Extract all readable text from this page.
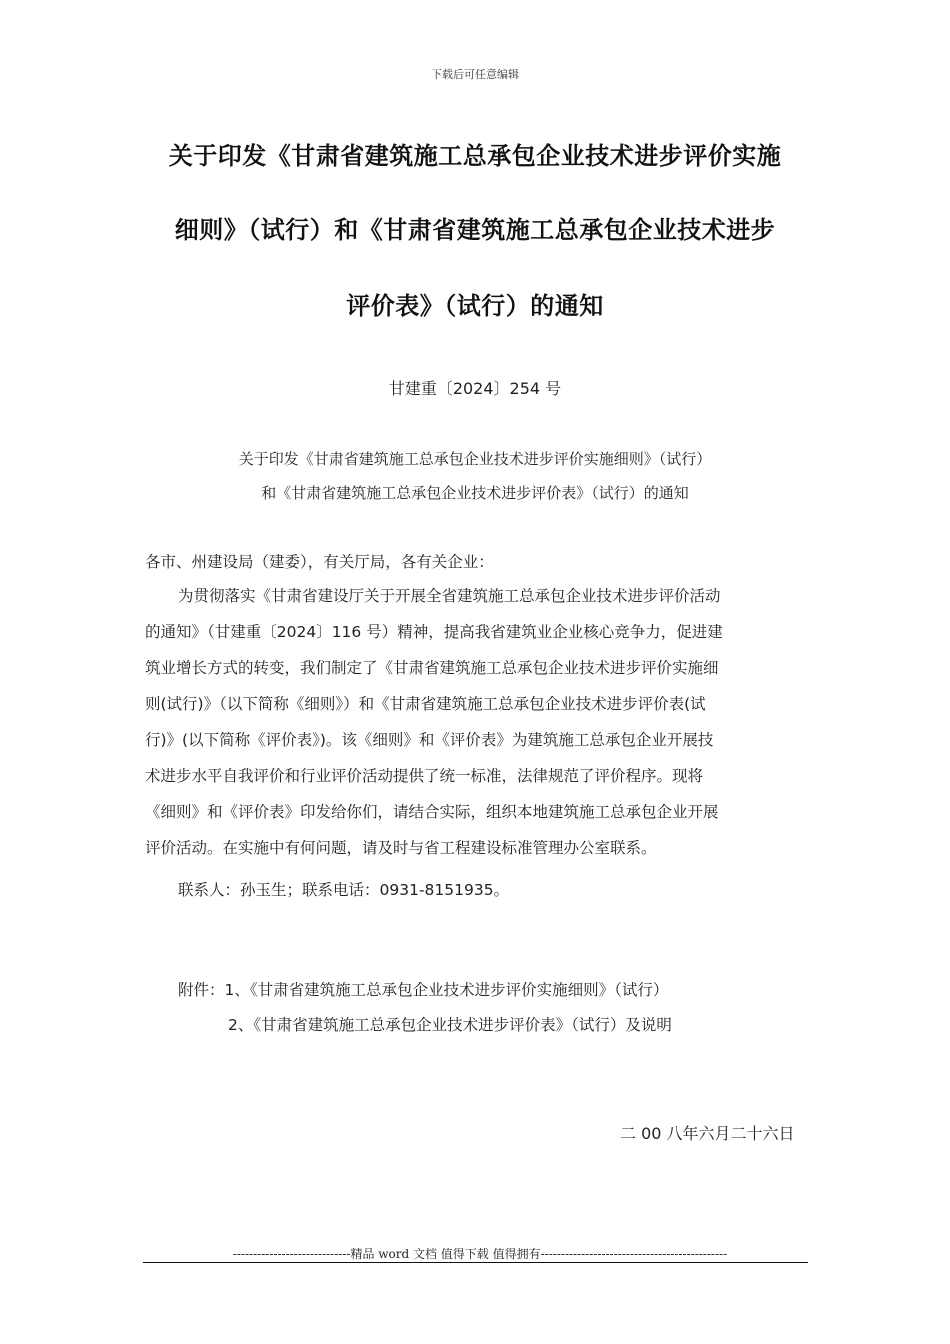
下载后可任意编辑
关于印发《甘肃省建筑施工总承包企业技术进步评价实施
细则》（试行）和《甘肃省建筑施工总承包企业技术进步
评价表》（试行）的通知
甘建重〔2024〕254 号
关于印发《甘肃省建筑施工总承包企业技术进步评价实施细则》（试行）
和《甘肃省建筑施工总承包企业技术进步评价表》（试行）的通知
各市、州建设局（建委），有关厅局，各有关企业：
为贯彻落实《甘肃省建设厅关于开展全省建筑施工总承包企业技术进步评价活动
的通知》（甘建重〔2024〕116 号）精神，提高我省建筑业企业核心竞争力，促进建
筑业增长方式的转变，我们制定了《甘肃省建筑施工总承包企业技术进步评价实施细
则(试行)》（以下简称《细则》）和《甘肃省建筑施工总承包企业技术进步评价表(试
行)》(以下简称《评价表》)。该《细则》和《评价表》为建筑施工总承包企业开展技
术进步水平自我评价和行业评价活动提供了统一标准，法律规范了评价程序。现将
《细则》和《评价表》印发给你们，请结合实际，组织本地建筑施工总承包企业开展
评价活动。在实施中有何问题，请及时与省工程建设标准管理办公室联系。
联系人：孙玉生；联系电话：0931-8151935。
附件：1、《甘肃省建筑施工总承包企业技术进步评价实施细则》（试行）
2、《甘肃省建筑施工总承包企业技术进步评价表》（试行）及说明
二 00 八年六月二十六日
-----------------------------精品 word 文档 值得下载 值得拥有----------------------------------------------
